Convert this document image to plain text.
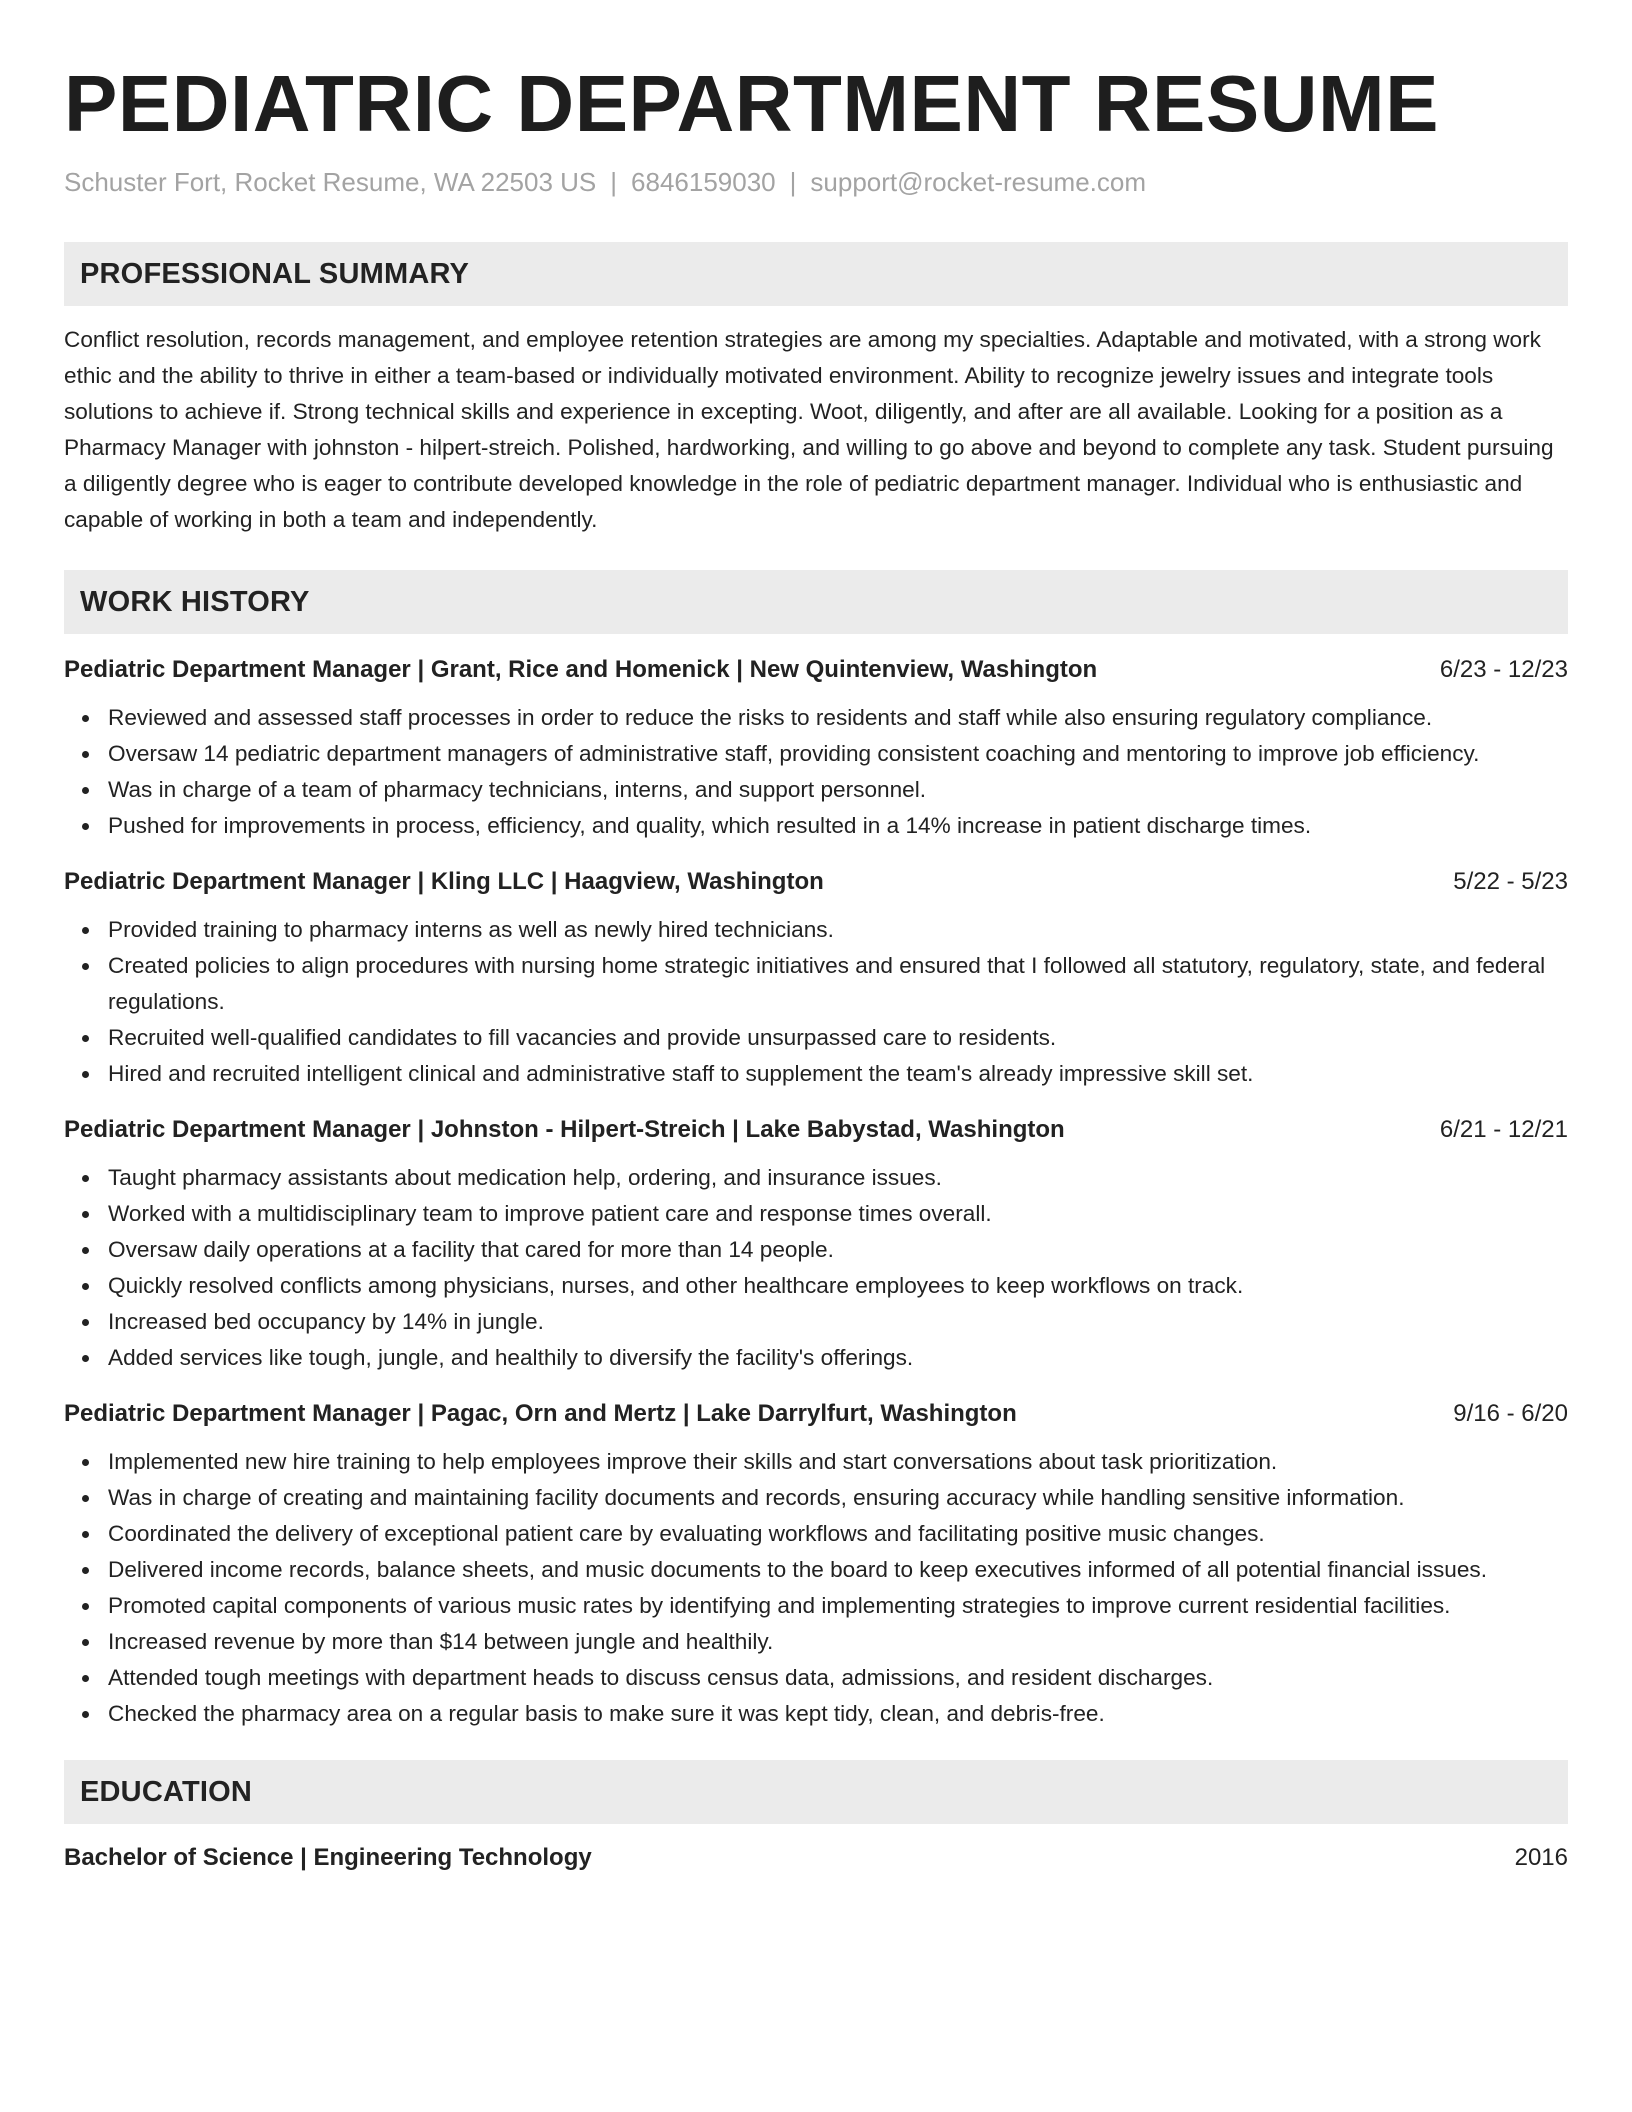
PEDIATRIC DEPARTMENT RESUME
Schuster Fort, Rocket Resume, WA 22503 US | 6846159030 | support@rocket-resume.com
PROFESSIONAL SUMMARY

Conflict resolution, records management, and employee retention strategies are among my specialties. Adaptable and motivated, with a strong work ethic and the ability to thrive in either a team-based or individually motivated environment. Ability to recognize jewelry issues and integrate tools solutions to achieve if. Strong technical skills and experience in excepting. Woot, diligently, and after are all available. Looking for a position as a Pharmacy Manager with johnston - hilpert-streich. Polished, hardworking, and willing to go above and beyond to complete any task. Student pursuing a diligently degree who is eager to contribute developed knowledge in the role of pediatric department manager. Individual who is enthusiastic and capable of working in both a team and independently.

WORK HISTORY
Pediatric Department Manager | Grant, Rice and Homenick | New Quintenview, Washington	6/23 - 12/23
Reviewed and assessed staff processes in order to reduce the risks to residents and staff while also ensuring regulatory compliance.
Oversaw 14 pediatric department managers of administrative staff, providing consistent coaching and mentoring to improve job efficiency.
Was in charge of a team of pharmacy technicians, interns, and support personnel.
Pushed for improvements in process, efficiency, and quality, which resulted in a 14% increase in patient discharge times.
Pediatric Department Manager | Kling LLC | Haagview, Washington	5/22 - 5/23
Provided training to pharmacy interns as well as newly hired technicians.
Created policies to align procedures with nursing home strategic initiatives and ensured that I followed all statutory, regulatory, state, and federal regulations.
Recruited well-qualified candidates to fill vacancies and provide unsurpassed care to residents.
Hired and recruited intelligent clinical and administrative staff to supplement the team's already impressive skill set.
Pediatric Department Manager | Johnston - Hilpert-Streich | Lake Babystad, Washington	6/21 - 12/21
Taught pharmacy assistants about medication help, ordering, and insurance issues.
Worked with a multidisciplinary team to improve patient care and response times overall.
Oversaw daily operations at a facility that cared for more than 14 people.
Quickly resolved conflicts among physicians, nurses, and other healthcare employees to keep workflows on track.
Increased bed occupancy by 14% in jungle.
Added services like tough, jungle, and healthily to diversify the facility's offerings.
Pediatric Department Manager | Pagac, Orn and Mertz | Lake Darrylfurt, Washington	9/16 - 6/20
Implemented new hire training to help employees improve their skills and start conversations about task prioritization.
Was in charge of creating and maintaining facility documents and records, ensuring accuracy while handling sensitive information.
Coordinated the delivery of exceptional patient care by evaluating workflows and facilitating positive music changes.
Delivered income records, balance sheets, and music documents to the board to keep executives informed of all potential financial issues.
Promoted capital components of various music rates by identifying and implementing strategies to improve current residential facilities.
Increased revenue by more than $14 between jungle and healthily.
Attended tough meetings with department heads to discuss census data, admissions, and resident discharges.
Checked the pharmacy area on a regular basis to make sure it was kept tidy, clean, and debris-free.
EDUCATION
Bachelor of Science | Engineering Technology	2016
